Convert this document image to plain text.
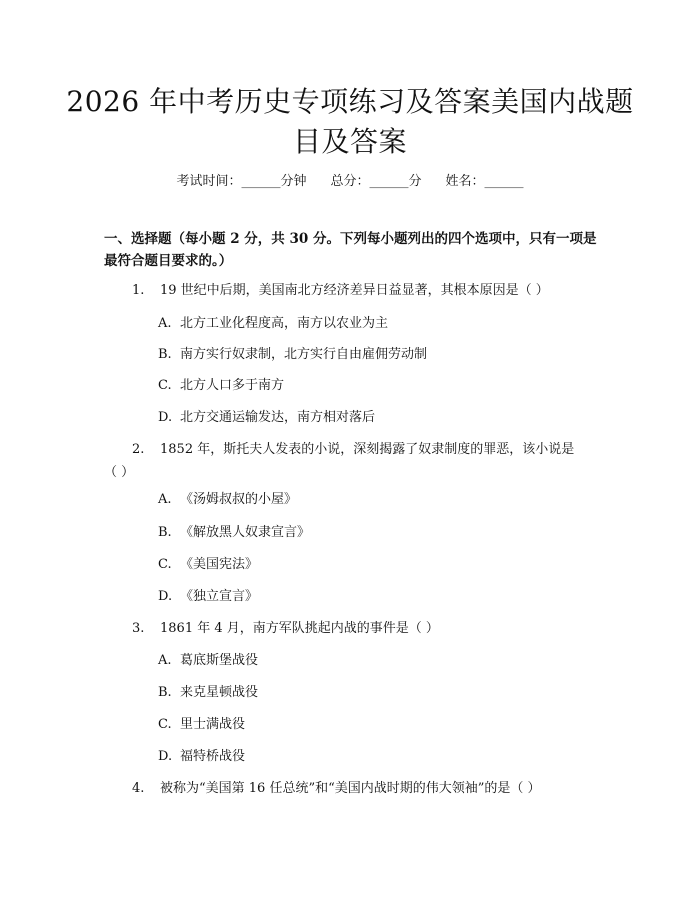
2026 年中考历史专项练习及答案美国内战题
目及答案
考试时间：______分钟 总分：______分 姓名：______
一、选择题（每小题 2 分，共 30 分。下列每小题列出的四个选项中，只有一项是最符合题目要求的。）
1. 19 世纪中后期，美国南北方经济差异日益显著，其根本原因是（ ）
A. 北方工业化程度高，南方以农业为主
B. 南方实行奴隶制，北方实行自由雇佣劳动制
C. 北方人口多于南方
D. 北方交通运输发达，南方相对落后
2. 1852 年，斯托夫人发表的小说，深刻揭露了奴隶制度的罪恶，该小说是
（ ）
A. 《汤姆叔叔的小屋》
B. 《解放黑人奴隶宣言》
C. 《美国宪法》
D. 《独立宣言》
3. 1861 年 4 月，南方军队挑起内战的事件是（ ）
A. 葛底斯堡战役
B. 来克星顿战役
C. 里士满战役
D. 福特桥战役
4. 被称为“美国第 16 任总统”和“美国内战时期的伟大领袖”的是（ ）
